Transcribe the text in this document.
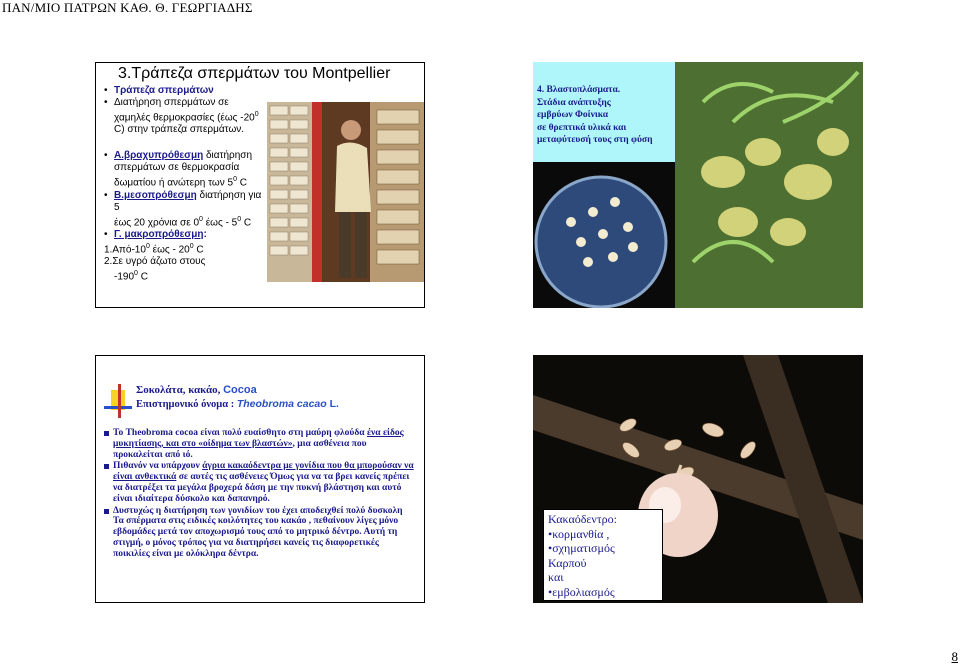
ΠΑΝ/ΜΙΟ ΠΑΤΡΩΝ ΚΑΘ. Θ. ΓΕΩΡΓΙΑΔΗΣ
3.Τράπεζα σπερμάτων του Montpellier
• Τράπεζα σπερμάτων
• Διατήρηση σπερμάτων σε
χαμηλές θερμοκρασίες (έως $-20^0$
C) στην τράπεζα σπερμάτων.
• Α.βραχυπρόθεσμη διατήρηση
σπερμάτων σε θερμοκρασία
δωματίου ή ανώτερη των $5^0$ C
• Β.μεσοπρόθεσμη διατήρηση για 5
έως 20 χρόνια σε $0^0$ έως - $5^0$ C
• Γ. μακροπρόθεσμη:
$1.A\pi ό-10^0$ έως - $20^0$ C
2.Σε υγρό άζωτο στους
$-190^0$ C
4. Βλαστοπλάσματα.
Στάδια ανάπτυξης
εμβρύων Φοίνικα
σε θρεπτικά υλικά και
μεταφύτευσή τους στη φύση
Σοκολάτα, κακάο, Cocoa
Επιστημονικό όνομα : Theobroma cacao L.
Το Theobroma cocoa είναι πολύ ευαίσθητο στη μαύρη φλούδα ένα είδος μυκητίασης, και στο «οίδημα των βλαστών», μια ασθένεια που προκαλείται από ιό.
Πιθανόν να υπάρχουν άγρια κακαόδεντρα με γονίδια που θα μπορούσαν να είναι ανθεκτικά σε αυτές τις ασθένειες Όμως για να τα βρει κανείς πρέπει να διατρέξει τα μεγάλα βροχερά δάση με την πυκνή βλάστηση και αυτό είναι ιδιαίτερα δύσκολο και δαπανηρό.
Δυστυχώς η διατήρηση των γονιδίων του έχει αποδειχθεί πολύ δυσκολη Τα σπέρματα στις ειδικές κοιλότητες του κακάο , πεθαίνουν λίγες μόνο εβδομάδες μετά τον αποχωρισμό τους από το μητρικό δέντρο. Αυτή τη στιγμή, ο μόνος τρόπος για να διατηρήσει κανείς τις διαφορετικές ποικιλίες είναι με ολόκληρα δέντρα.
Κακαόδεντρο:
•κορμανθία ,
•σχηματισμός
Καρπού
και
•εμβολιασμός
8
